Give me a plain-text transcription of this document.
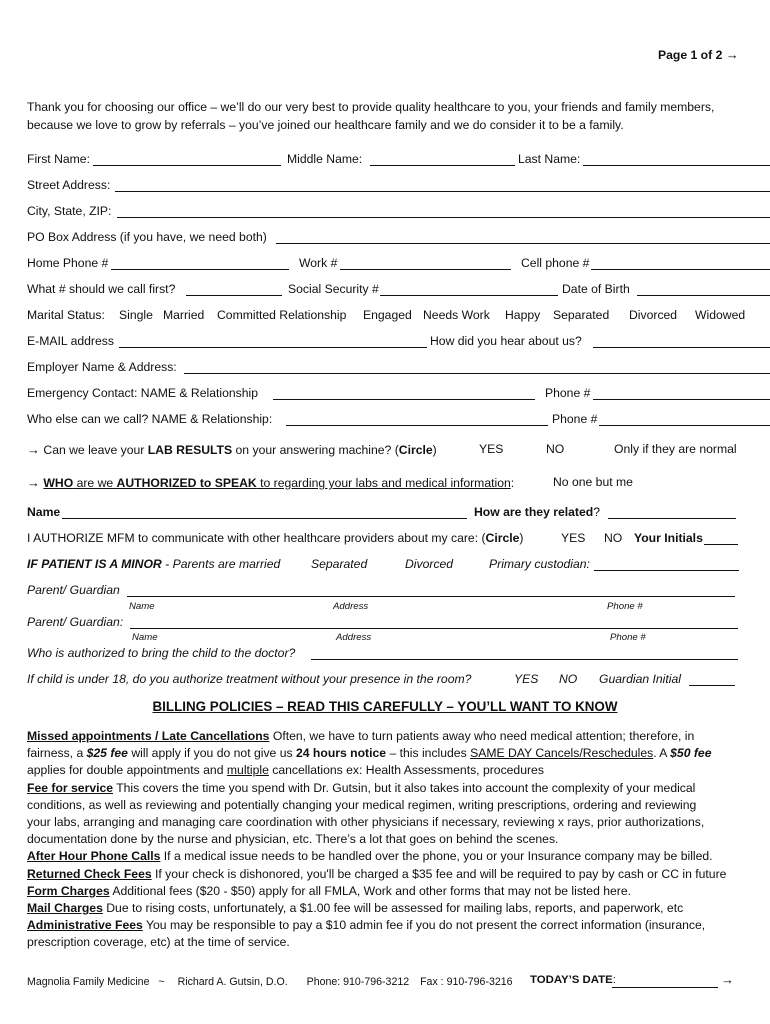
Page 1 of 2 →
Thank you for choosing our office – we’ll do our very best to provide quality healthcare to you, your friends and family members,
because we love to grow by referrals – you’ve joined our healthcare family and we do consider it to be a family.
First Name:	Middle Name:	Last Name:
Street Address:
City, State, ZIP:
PO Box Address (if you have, we need both)
Home Phone #	Work #	Cell phone #
What # should we call first?	Social Security #	Date of Birth
Marital Status: Single Married Committed Relationship Engaged Needs Work Happy Separated Divorced Widowed
E-MAIL address	How did you hear about us?
Employer Name & Address:
Emergency Contact: NAME & Relationship	Phone #
Who else can we call? NAME & Relationship:	Phone #
→ Can we leave your LAB RESULTS on your answering machine? (Circle)	YES	NO	Only if they are normal
→ WHO are we AUTHORIZED to SPEAK to regarding your labs and medical information:	No one but me
Name	How are they related?
I AUTHORIZE MFM to communicate with other healthcare providers about my care: (Circle)	YES NO Your Initials
IF PATIENT IS A MINOR - Parents are married	Separated	Divorced	Primary custodian:
Parent/ Guardian
Name	Address	Phone #
Parent/ Guardian:
Name	Address	Phone #
Who is authorized to bring the child to the doctor?
If child is under 18, do you authorize treatment without your presence in the room?	YES NO Guardian Initial
BILLING POLICIES – READ THIS CAREFULLY – YOU’LL WANT TO KNOW

Missed appointments / Late Cancellations Often, we have to turn patients away who need medical attention; therefore, in

fairness, a $25 fee will apply if you do not give us 24 hours notice – this includes SAME DAY Cancels/Reschedules. A $50 fee

applies for double appointments and multiple cancellations ex: Health Assessments, procedures

Fee for service This covers the time you spend with Dr. Gutsin, but it also takes into account the complexity of your medical

conditions, as well as reviewing and potentially changing your medical regimen, writing prescriptions, ordering and reviewing

your labs, arranging and managing care coordination with other physicians if necessary, reviewing x rays, prior authorizations,

documentation done by the nurse and physician, etc. There’s a lot that goes on behind the scenes.

After Hour Phone Calls If a medical issue needs to be handled over the phone, you or your Insurance company may be billed.

Returned Check Fees If your check is dishonored, you'll be charged a $35 fee and will be required to pay by cash or CC in future

Form Charges Additional fees ($20 - $50) apply for all FMLA, Work and other forms that may not be listed here.

Mail Charges Due to rising costs, unfortunately, a $1.00 fee will be assessed for mailing labs, reports, and paperwork, etc

Administrative Fees You may be responsible to pay a $10 admin fee if you do not present the correct information (insurance,

prescription coverage, etc) at the time of service.

Magnolia Family Medicine ~ Richard A. Gutsin, D.O. Phone: 910-796-3212 Fax : 910-796-3216 TODAY’S DATE:	→
